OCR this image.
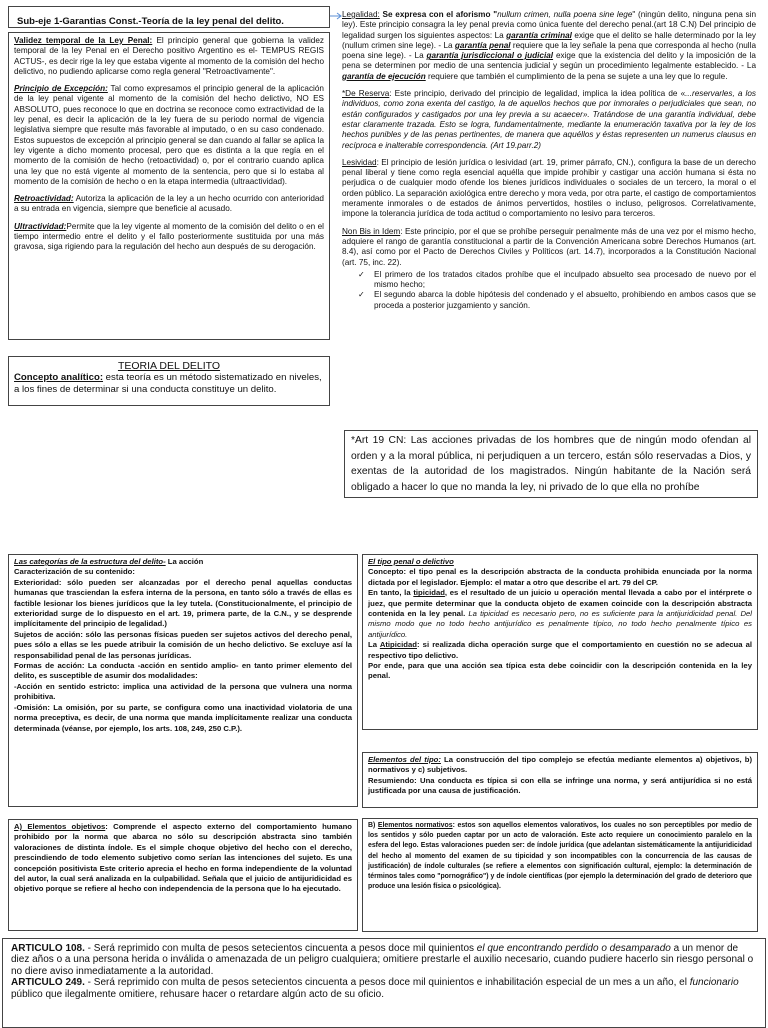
Sub-eje 1-Garantias Const.-Teoría de la ley penal del delito.

Validez temporal de la Ley Penal: El principio general que gobierna la validez temporal de la ley Penal en el Derecho positivo Argentino es el- TEMPUS REGIS ACTUS-, es decir rige la ley que estaba vigente al momento de la comisión del hecho delictivo, no pudiendo aplicarse como regla general "Retroactivamente".

Principio de Excepción: Tal como expresamos el principio general de la aplicación de la ley penal vigente al momento de la comisión del hecho delictivo, NO ES ABSOLUTO, pues reconoce lo que en doctrina se reconoce como extractividad de la ley penal, es decir la aplicación de la ley fuera de su periodo normal de vigencia legislativa siempre que resulte más favorable al imputado, o en su caso condenado. Estos supuestos de excepción al principio general se dan cuando al fallar se aplica la ley vigente a dicho momento procesal, pero que es distinta a la que regía en el momento de la comisión de hecho (retoactividad) o, por el contrario cuando aplica una ley que no está vigente al momento de la sentencia, pero que si lo estaba al momento de la comisión de hecho o en la etapa intermedia (ultraactividad).

Retroactividad: Autoriza la aplicación de la ley a un hecho ocurrido con anterioridad a su entrada en vigencia, siempre que beneficie al acusado.

Ultractividad:Permite que la ley vigente al momento de la comisión del delito o en el tiempo intermedio entre el delito y el fallo posteriormente sustituida por una más gravosa, siga rigiendo para la regulación del hecho aun después de su derogación.

TEORIA DEL DELITO

Concepto analítico: esta teoría es un método sistematizado en niveles, a los fines de determinar si una conducta constituye un delito.

Legalidad: Se expresa con el aforismo "nullum crimen, nulla poena sine lege" (ningún delito, ninguna pena sin ley). Este principio consagra la ley penal previa como única fuente del derecho penal.(art 18 C.N) Del principio de legalidad surgen los siguientes aspectos: La garantía criminal exige que el delito se halle determinado por la ley (nullum crimen sine lege). - La garantía penal requiere que la ley señale la pena que corresponda al hecho (nulla poena sine lege). - La garantía jurisdiccional o judicial exige que la existencia del delito y la imposición de la pena se determinen por medio de una sentencia judicial y según un procedimiento legalmente establecido. - La garantía de ejecución requiere que también el cumplimiento de la pena se sujete a una ley que lo regule.

*De Reserva: Este principio, derivado del principio de legalidad, implica la idea política de «...reservarles, a los individuos, como zona exenta del castigo, la de aquellos hechos que por inmorales o perjudiciales que sean, no están configurados y castigados por una ley previa a su acaecer». Tratándose de una garantía individual, debe estar claramente trazada. Esto se logra, fundamentalmente, mediante la enumeración taxativa por la ley de los hechos punibles y de las penas pertinentes, de manera que aquéllos y éstas representen un numerus clausus en recíproca e inalterable correspondencia. (Art 19.parr.2)

Lesividad: El principio de lesión jurídica o lesividad (art. 19, primer párrafo, CN.), configura la base de un derecho penal liberal y tiene como regla esencial aquélla que impide prohibir y castigar una acción humana si ésta no perjudica o de cualquier modo ofende los bienes jurídicos individuales o sociales de un tercero, la moral o el orden público. La separación axiológica entre derecho y mora veda, por otra parte, el castigo de comportamientos meramente inmorales o de estados de ánimos pervertidos, hostiles o incluso, peligrosos. Correlativamente, impone la tolerancia jurídica de toda actitud o comportamiento no lesivo para terceros.

Non Bis in Idem: Este principio, por el que se prohíbe perseguir penalmente más de una vez por el mismo hecho, adquiere el rango de garantía constitucional a partir de la Convención Americana sobre Derechos Humanos (art. 8.4), así como por el Pacto de Derechos Civiles y Políticos (art. 14.7), incorporados a la Constitución Nacional (art. 75, inc. 22).

✓ El primero de los tratados citados prohíbe que el inculpado absuelto sea procesado de nuevo por el mismo hecho;
✓ El segundo abarca la doble hipótesis del condenado y el absuelto, prohibiendo en ambos casos que se proceda a posterior juzgamiento y sanción.

*Art 19 CN: Las acciones privadas de los hombres que de ningún modo ofendan al orden y a la moral pública, ni perjudiquen a un tercero, están sólo reservadas a Dios, y exentas de la autoridad de los magistrados. Ningún habitante de la Nación será obligado a hacer lo que no manda la ley, ni privado de lo que ella no prohíbe

Las categorías de la estructura del delito- La acción

Caracterización de su contenido:

Exterioridad: sólo pueden ser alcanzadas por el derecho penal aquellas conductas humanas que trasciendan la esfera interna de la persona, en tanto sólo a través de ellas es factible lesionar los bienes jurídicos que la ley tutela. (Constitucionalmente, el principio de exterioridad surge de lo dispuesto en el art. 19, primera parte, de la C.N., y se desprende implícitamente del principio de legalidad.)

Sujetos de acción: sólo las personas físicas pueden ser sujetos activos del derecho penal, pues sólo a ellas se les puede atribuir la comisión de un hecho delictivo. Se excluye así la responsabilidad penal de las personas jurídicas.

Formas de acción: La conducta -acción en sentido amplio- en tanto primer elemento del delito, es susceptible de asumir dos modalidades:

-Acción en sentido estricto: implica una actividad de la persona que vulnera una norma prohibitiva.

-Omisión: La omisión, por su parte, se configura como una inactividad violatoria de una norma preceptiva, es decir, de una norma que manda implícitamente realizar una conducta determinada (véanse, por ejemplo, los arts. 108, 249, 250 C.P.).

El tipo penal o delictivo

Concepto: el tipo penal es la descripción abstracta de la conducta prohibida enunciada por la norma dictada por el legislador. Ejemplo: el matar a otro que describe el art. 79 del CP.

En tanto, la tipicidad, es el resultado de un juicio u operación mental llevada a cabo por el intérprete o juez, que permite determinar que la conducta objeto de examen coincide con la descripción abstracta contenida en la ley penal. La tipicidad es necesario pero, no es suficiente para la antijuridicidad penal. Del mismo modo que no todo hecho antijurídico es penalmente típico, no todo hecho penalmente típico es antijurídico.

La Atipicidad: si realizada dicha operación surge que el comportamiento en cuestión no se adecua al respectivo tipo delictivo.

Por ende, para que una acción sea típica esta debe coincidir con la descripción contenida en la ley penal.

Elementos del tipo: La construcción del tipo complejo se efectúa mediante elementos a) objetivos, b) normativos y c) subjetivos.

Resumiendo: Una conducta es típica si con ella se infringe una norma, y será antijurídica si no está justificada por una causa de justificación.

A) Elementos objetivos: Comprende el aspecto externo del comportamiento humano prohibido por la norma que abarca no sólo su descripción abstracta sino también valoraciones de distinta índole. Es el simple choque objetivo del hecho con el derecho, prescindiendo de todo elemento subjetivo como serían las intenciones del sujeto. Es una concepción positivista Este criterio aprecia el hecho en forma independiente de la voluntad del autor, la cual será analizada en la culpabilidad. Señala que el juicio de antijuridicidad es objetivo porque se refiere al hecho con independencia de la persona que lo ha ejecutado.

B) Elementos normativos: estos son aquellos elementos valorativos, los cuales no son perceptibles por medio de los sentidos y sólo pueden captar por un acto de valoración. Este acto requiere un conocimiento paralelo en la esfera del lego. Estas valoraciones pueden ser: de índole jurídica (que adelantan sistemáticamente la antijuridicidad del hecho al momento del examen de su tipicidad y son incompatibles con la concurrencia de las causas de justificación) de índole culturales (se refiere a elementos con significación cultural, ejemplo: la determinación de términos tales como "pornográfico") y de índole científicas (por ejemplo la determinación del grado de deterioro que produce una lesión física o psicológica).

ARTICULO 108. - Será reprimido con multa de pesos setecientos cincuenta a pesos doce mil quinientos el que encontrando perdido o desamparado a un menor de diez años o a una persona herida o inválida o amenazada de un peligro cualquiera; omitiere prestarle el auxilio necesario, cuando pudiere hacerlo sin riesgo personal o no diere aviso inmediatamente a la autoridad.

ARTICULO 249. - Será reprimido con multa de pesos setecientos cincuenta a pesos doce mil quinientos e inhabilitación especial de un mes a un año, el funcionario público que ilegalmente omitiere, rehusare hacer o retardare algún acto de su oficio.
